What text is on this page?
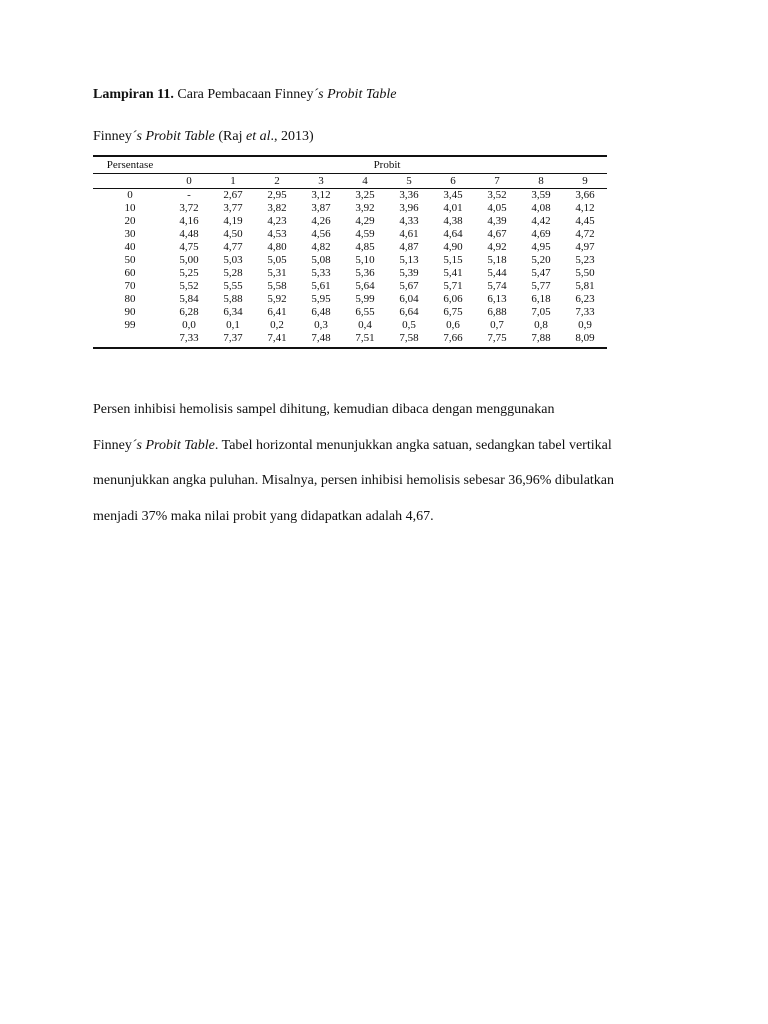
Lampiran 11. Cara Pembacaan Finney´s Probit Table
Finney´s Probit Table (Raj et al., 2013)
Persentase	Probit									
	0	1	2	3	4	5	6	7	8	9
0	-	2,67	2,95	3,12	3,25	3,36	3,45	3,52	3,59	3,66
10	3,72	3,77	3,82	3,87	3,92	3,96	4,01	4,05	4,08	4,12
20	4,16	4,19	4,23	4,26	4,29	4,33	4,38	4,39	4,42	4,45
30	4,48	4,50	4,53	4,56	4,59	4,61	4,64	4,67	4,69	4,72
40	4,75	4,77	4,80	4,82	4,85	4,87	4,90	4,92	4,95	4,97
50	5,00	5,03	5,05	5,08	5,10	5,13	5,15	5,18	5,20	5,23
60	5,25	5,28	5,31	5,33	5,36	5,39	5,41	5,44	5,47	5,50
70	5,52	5,55	5,58	5,61	5,64	5,67	5,71	5,74	5,77	5,81
80	5,84	5,88	5,92	5,95	5,99	6,04	6,06	6,13	6,18	6,23
90	6,28	6,34	6,41	6,48	6,55	6,64	6,75	6,88	7,05	7,33
99	0,0	0,1	0,2	0,3	0,4	0,5	0,6	0,7	0,8	0,9
	7,33	7,37	7,41	7,48	7,51	7,58	7,66	7,75	7,88	8,09

Persen inhibisi hemolisis sampel dihitung, kemudian dibaca dengan menggunakan

Finney´s Probit Table. Tabel horizontal menunjukkan angka satuan, sedangkan tabel vertikal

menunjukkan angka puluhan. Misalnya, persen inhibisi hemolisis sebesar 36,96% dibulatkan

menjadi 37% maka nilai probit yang didapatkan adalah 4,67.
